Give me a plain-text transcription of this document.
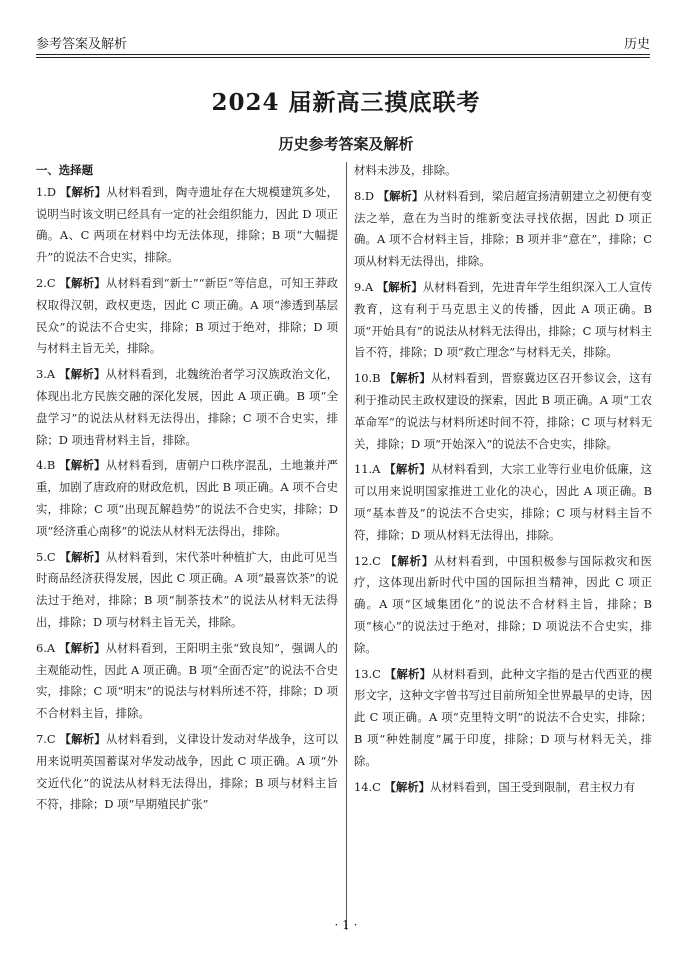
参考答案及解析	历史
2024 届新高三摸底联考
历史参考答案及解析
一、选择题
1.D 【解析】从材料看到，陶寺遗址存在大规模建筑多处，说明当时该文明已经具有一定的社会组织能力，因此 D 项正确。A、C 两项在材料中均无法体现，排除；B 项“大幅提升”的说法不合史实，排除。
2.C 【解析】从材料看到“新士”“新臣”等信息，可知王莽政权取得汉朝，政权更迭，因此 C 项正确。A 项“渗透到基层民众”的说法不合史实，排除；B 项过于绝对，排除；D 项与材料主旨无关，排除。
3.A 【解析】从材料看到，北魏统治者学习汉族政治文化，体现出北方民族交融的深化发展，因此 A 项正确。B 项“全盘学习”的说法从材料无法得出，排除；C 项不合史实，排除；D 项违背材料主旨，排除。
4.B 【解析】从材料看到，唐朝户口秩序混乱，土地兼并严重，加剧了唐政府的财政危机，因此 B 项正确。A 项不合史实，排除；C 项“出现瓦解趋势”的说法不合史实，排除；D 项“经济重心南移”的说法从材料无法得出，排除。
5.C 【解析】从材料看到，宋代茶叶种植扩大，由此可见当时商品经济获得发展，因此 C 项正确。A 项“最喜饮茶”的说法过于绝对，排除；B 项“制茶技术”的说法从材料无法得出，排除；D 项与材料主旨无关，排除。
6.A 【解析】从材料看到，王阳明主张“致良知”，强调人的主观能动性，因此 A 项正确。B 项“全面否定”的说法不合史实，排除；C 项“明末”的说法与材料所述不符，排除；D 项不合材料主旨，排除。
7.C 【解析】从材料看到，义律设计发动对华战争，这可以用来说明英国蓄谋对华发动战争，因此 C 项正确。A 项“外交近代化”的说法从材料无法得出，排除；B 项与材料主旨不符，排除；D 项“早期殖民扩张”
材料未涉及，排除。
8.D 【解析】从材料看到，梁启超宣扬清朝建立之初便有变法之举，意在为当时的维新变法寻找依据，因此 D 项正确。A 项不合材料主旨，排除；B 项并非“意在”，排除；C 项从材料无法得出，排除。
9.A 【解析】从材料看到，先进青年学生组织深入工人宣传教育，这有利于马克思主义的传播，因此 A 项正确。B 项“开始具有”的说法从材料无法得出，排除；C 项与材料主旨不符，排除；D 项“救亡理念”与材料无关，排除。
10.B 【解析】从材料看到，晋察冀边区召开参议会，这有利于推动民主政权建设的探索，因此 B 项正确。A 项“工农革命军”的说法与材料所述时间不符，排除；C 项与材料无关，排除；D 项“开始深入”的说法不合史实，排除。
11.A 【解析】从材料看到，大宗工业等行业电价低廉，这可以用来说明国家推进工业化的决心，因此 A 项正确。B 项“基本普及”的说法不合史实，排除；C 项与材料主旨不符，排除；D 项从材料无法得出，排除。
12.C 【解析】从材料看到，中国积极参与国际救灾和医疗，这体现出新时代中国的国际担当精神，因此 C 项正确。A 项“区域集团化”的说法不合材料主旨，排除；B 项“核心”的说法过于绝对，排除；D 项说法不合史实，排除。
13.C 【解析】从材料看到，此种文字指的是古代西亚的楔形文字，这种文字曾书写过目前所知全世界最早的史诗，因此 C 项正确。A 项“克里特文明”的说法不合史实，排除；B 项“种姓制度”属于印度，排除；D 项与材料无关，排除。
14.C 【解析】从材料看到，国王受到限制，君主权力有
· 1 ·
